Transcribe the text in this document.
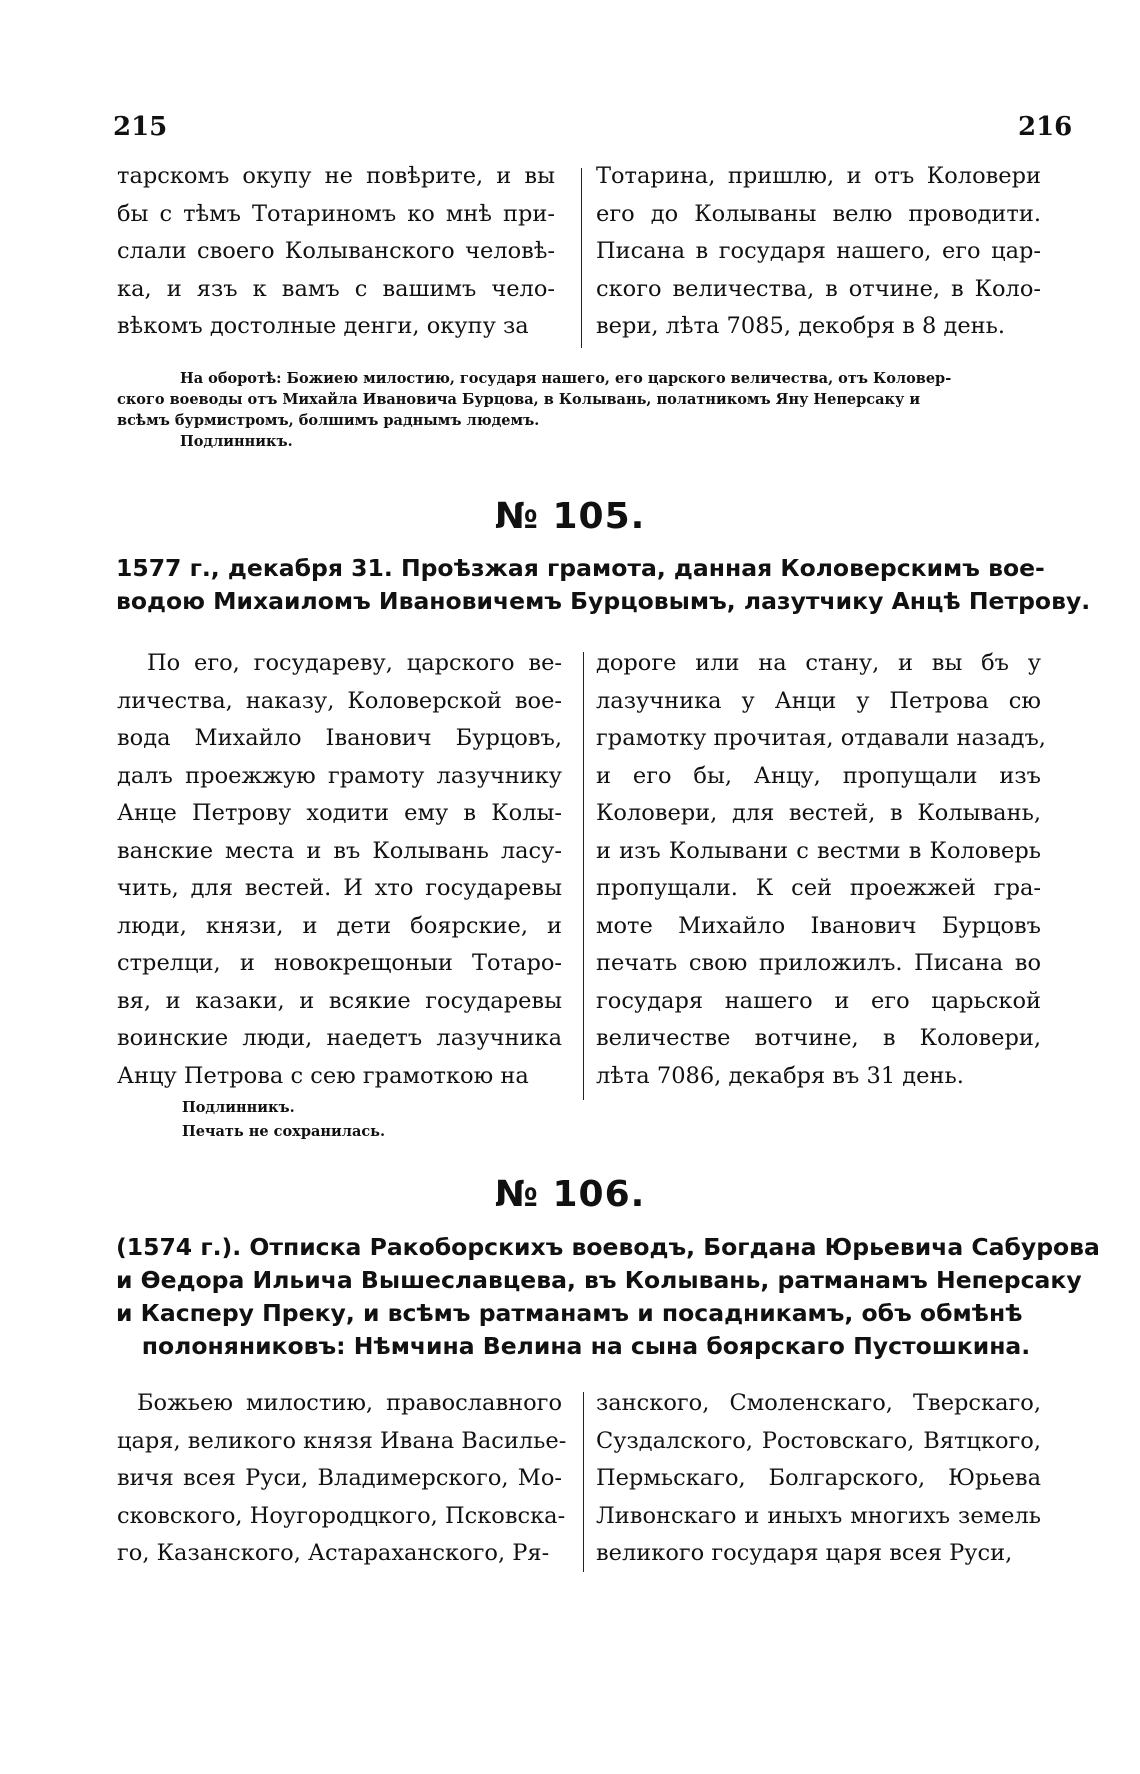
215	216
тарскомъ окупу не повѣрите, и вы
бы с тѣмъ Тотариномъ ко мнѣ при-
слали своего Колыванского человѣ-
ка, и язъ к вамъ с вашимъ чело-
вѣкомъ достолные денги, окупу за
Тотарина, пришлю, и отъ Коловери
его до Колываны велю проводити.
Писана в государя нашего, его цар-
ского величества, в отчине, в Коло-
вери, лѣта 7085, декобря в 8 день.
На оборотѣ: Божиею милостию, государя нашего, его царского величества, отъ Коловер-
ского воеводы отъ Михайла Ивановича Бурцова, в Колывань, полатникомъ Яну Неперсаку и
всѣмъ бурмистромъ, болшимъ раднымъ людемъ.
Подлинникъ.
№ 105.
1577 г., декабря 31. Проѣзжая грамота, данная Коловерскимъ вое-
водою Михаиломъ Ивановичемъ Бурцовымъ, лазутчику Анцѣ Петрову.
По его, государеву, царского ве-
личества, наказу, Коловерской вое-
вода Михайло Іванович Бурцовъ,
далъ проежжую грамоту лазучнику
Анце Петрову ходити ему в Колы-
ванские места и въ Колывань ласу-
чить, для вестей. И хто государевы
люди, князи, и дети боярские, и
стрелци, и новокрещоныи Тотаро-
вя, и казаки, и всякие государевы
воинские люди, наедетъ лазучника
Анцу Петрова с сею грамоткою на
дороге или на стану, и вы бъ у
лазучника у Анци у Петрова сю
грамотку прочитая, отдавали назадъ,
и его бы, Анцу, пропущали изъ
Коловери, для вестей, в Колывань,
и изъ Колывани с вестми в Коловерь
пропущали. К сей проежжей гра-
моте Михайло Іванович Бурцовъ
печать свою приложилъ. Писана во
государя нашего и его царьской
величестве вотчине, в Коловери,
лѣта 7086, декабря въ 31 день.
Подлинникъ.
Печать не сохранилась.
№ 106.
(1574 г.). Отписка Ракоборскихъ воеводъ, Богдана Юрьевича Сабурова
и Ѳедора Ильича Вышеславцева, въ Колывань, ратманамъ Неперсаку
и Касперу Преку, и всѣмъ ратманамъ и посадникамъ, объ обмѣнѣ
полоняниковъ: Нѣмчина Велина на сына боярскаго Пустошкина.
Божьею милостию, православного
царя, великого князя Ивана Василье-
вичя всея Руси, Владимерского, Мо-
сковского, Ноугородцкого, Псковска-
го, Казанского, Астараханского, Ря-
занского, Смоленскаго, Тверскаго,
Суздалского, Ростовскаго, Вятцкого,
Пермьскаго, Болгарского, Юрьева
Ливонскаго и иныхъ многихъ земель
великого государя царя всея Руси,
